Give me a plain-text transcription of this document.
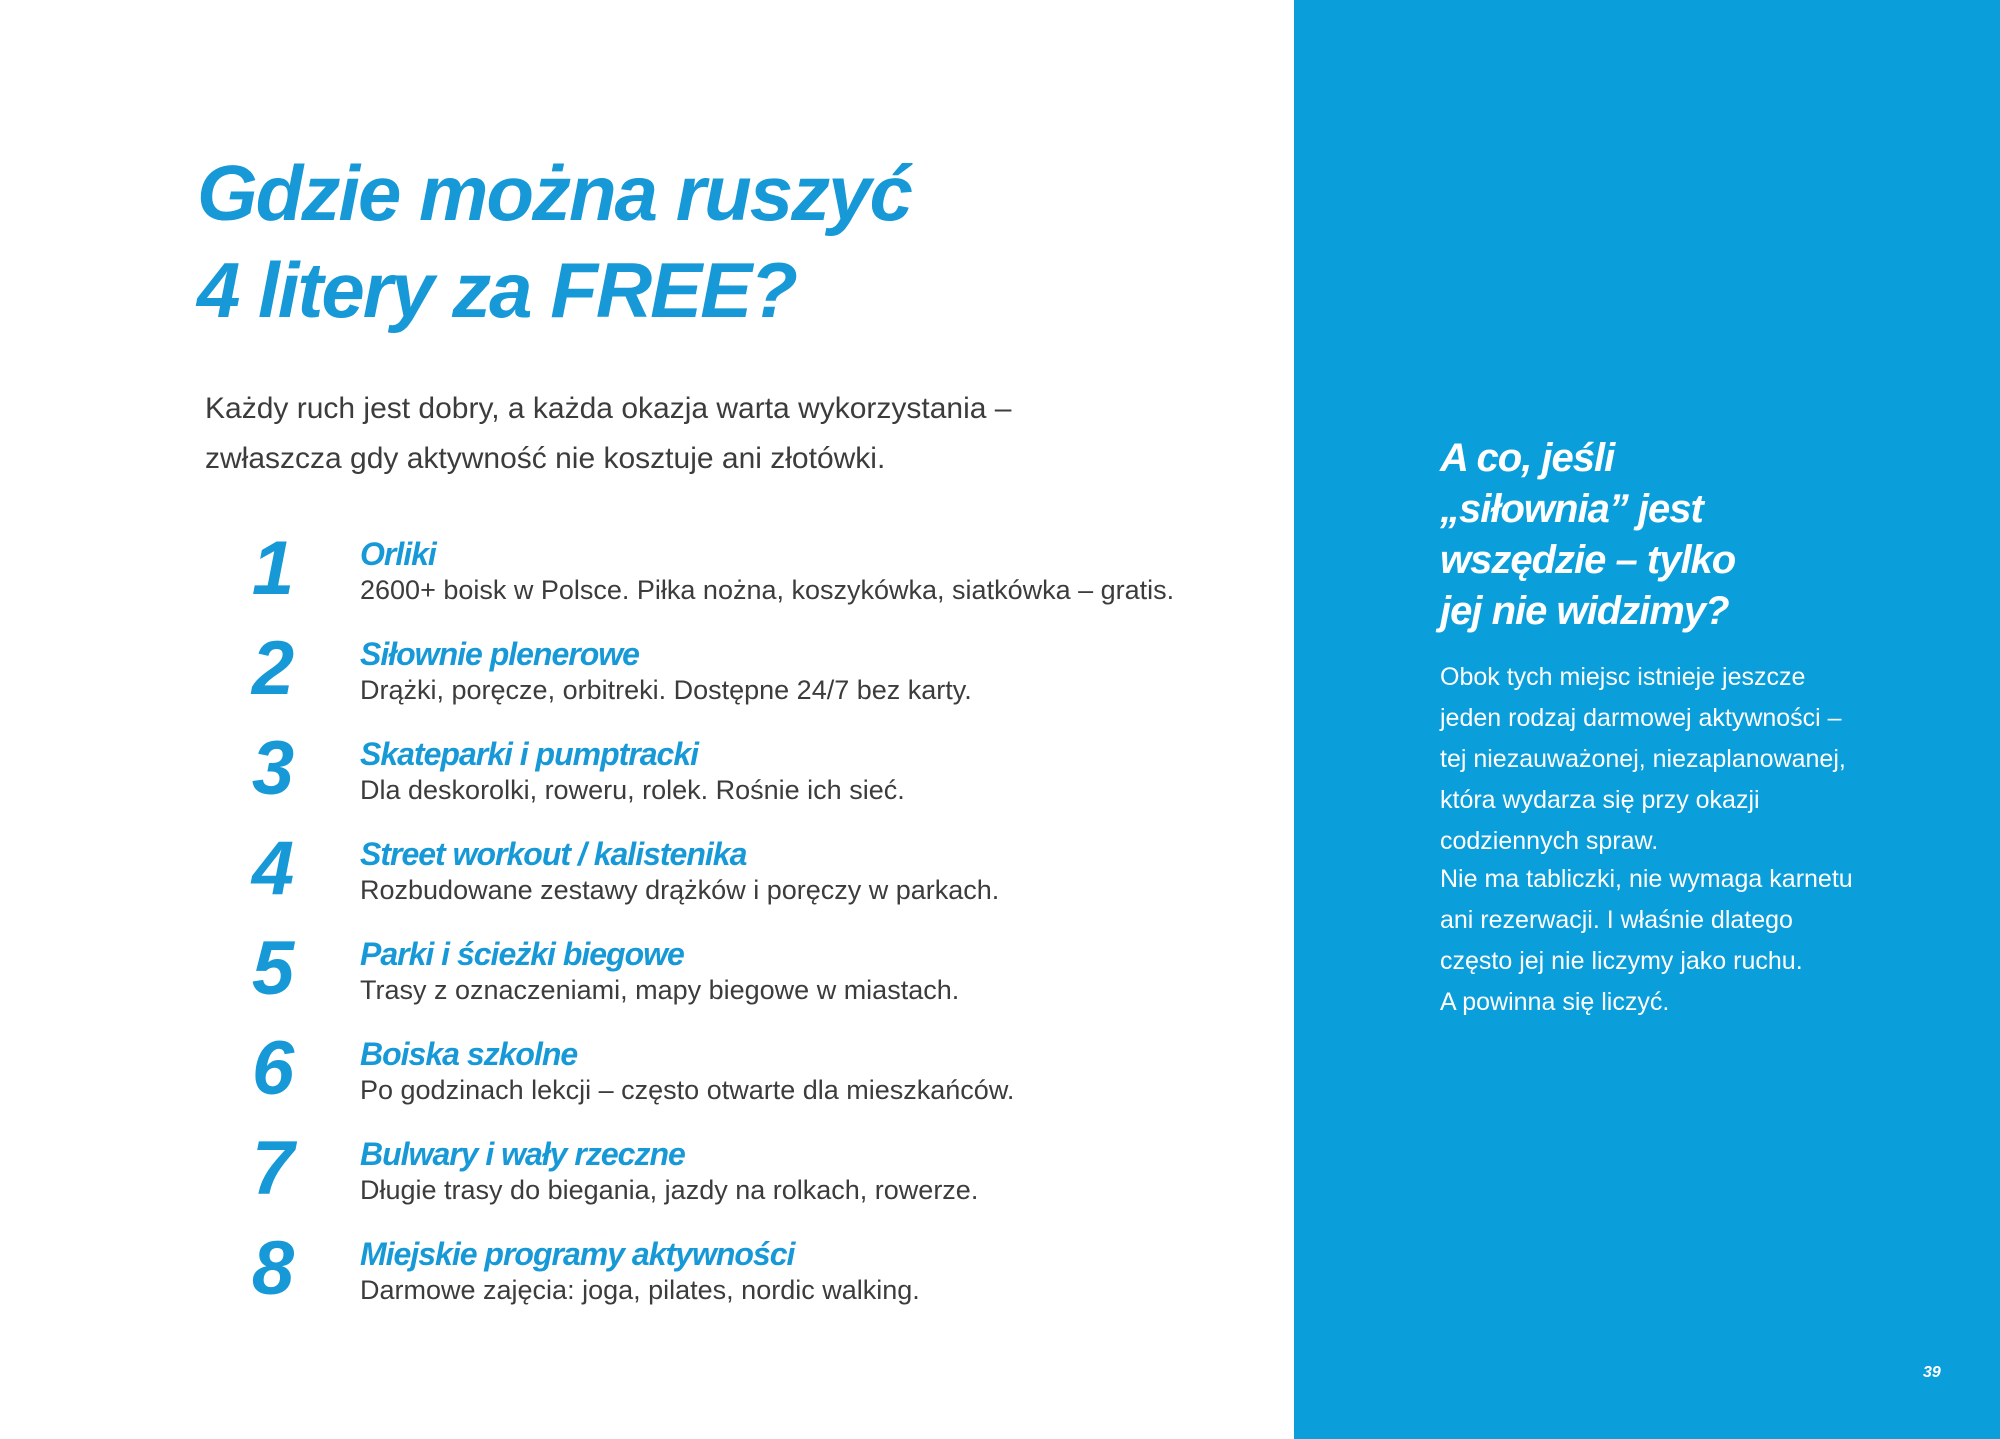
Gdzie można ruszyć
4 litery za FREE?

Każdy ruch jest dobry, a każda okazja warta wykorzystania –
zwłaszcza gdy aktywność nie kosztuje ani złotówki.

1	Orliki
2600+ boisk w Polsce. Piłka nożna, koszykówka, siatkówka – gratis.
2	Siłownie plenerowe
Drążki, poręcze, orbitreki. Dostępne 24/7 bez karty.
3	Skateparki i pumptracki
Dla deskorolki, roweru, rolek. Rośnie ich sieć.
4	Street workout / kalistenika
Rozbudowane zestawy drążków i poręczy w parkach.
5	Parki i ścieżki biegowe
Trasy z oznaczeniami, mapy biegowe w miastach.
6	Boiska szkolne
Po godzinach lekcji – często otwarte dla mieszkańców.
7	Bulwary i wały rzeczne
Długie trasy do biegania, jazdy na rolkach, rowerze.
8	Miejskie programy aktywności
Darmowe zajęcia: joga, pilates, nordic walking.
A co, jeśli
„siłownia” jest
wszędzie – tylko
jej nie widzimy?

Obok tych miejsc istnieje jeszcze
jeden rodzaj darmowej aktywności –
tej niezauważonej, niezaplanowanej,
która wydarza się przy okazji
codziennych spraw.

Nie ma tabliczki, nie wymaga karnetu
ani rezerwacji. I właśnie dlatego
często jej nie liczymy jako ruchu.
A powinna się liczyć.

39
